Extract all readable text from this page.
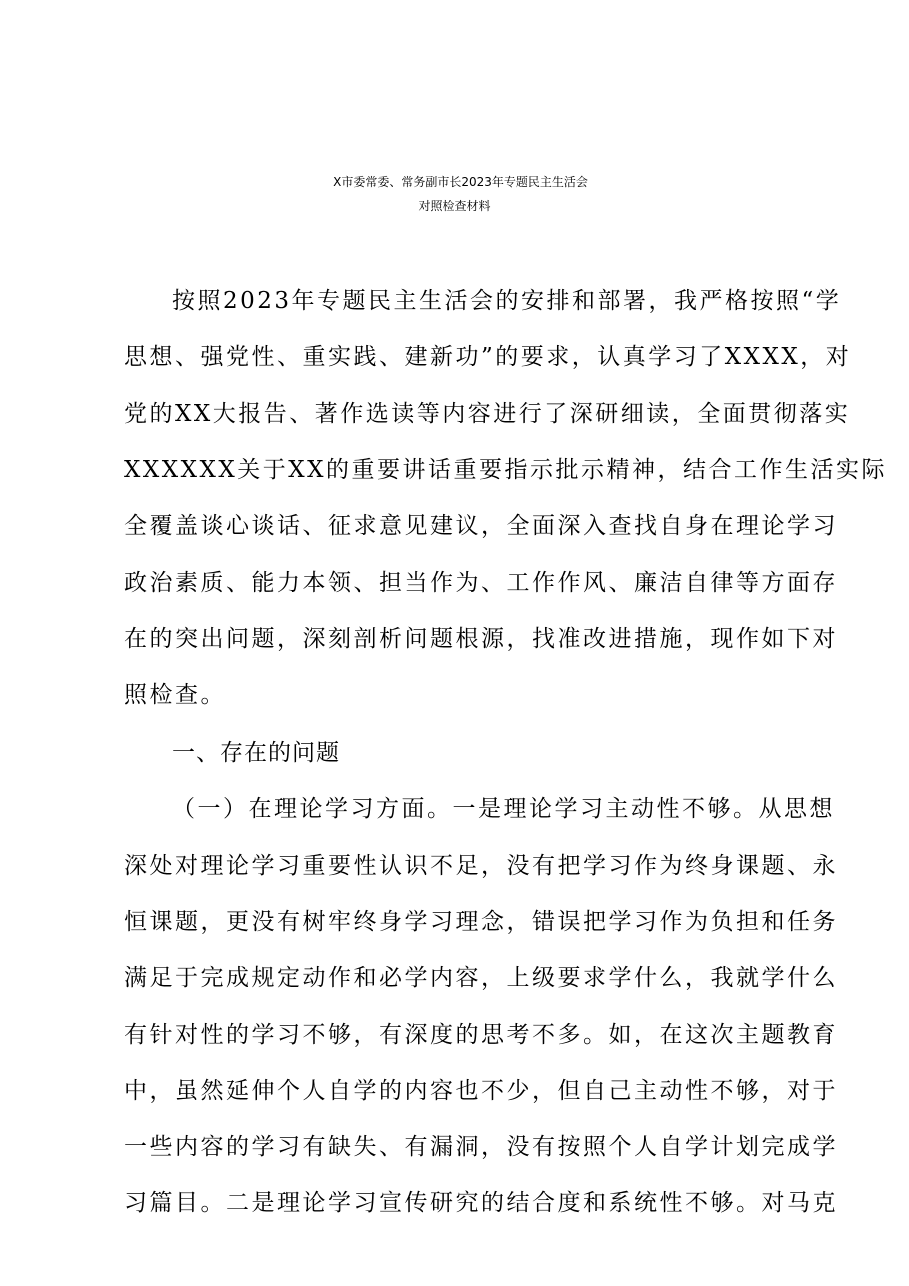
X市委常委、常务副市长2023年专题民主生活会
对照检查材料
按照2023年专题民主生活会的安排和部署，我严格按照“学
思想、强党性、重实践、建新功”的要求，认真学习了XXXX，对
党的XX大报告、著作选读等内容进行了深研细读，全面贯彻落实
XXXXXX关于XX的重要讲话重要指示批示精神，结合工作生活实际
全覆盖谈心谈话、征求意见建议，全面深入查找自身在理论学习
政治素质、能力本领、担当作为、工作作风、廉洁自律等方面存
在的突出问题，深刻剖析问题根源，找准改进措施，现作如下对
照检查。
一、存在的问题
（一）在理论学习方面。一是理论学习主动性不够。从思想
深处对理论学习重要性认识不足，没有把学习作为终身课题、永
恒课题，更没有树牢终身学习理念，错误把学习作为负担和任务
满足于完成规定动作和必学内容，上级要求学什么，我就学什么
有针对性的学习不够，有深度的思考不多。如，在这次主题教育
中，虽然延伸个人自学的内容也不少，但自己主动性不够，对于
一些内容的学习有缺失、有漏洞，没有按照个人自学计划完成学
习篇目。二是理论学习宣传研究的结合度和系统性不够。对马克
